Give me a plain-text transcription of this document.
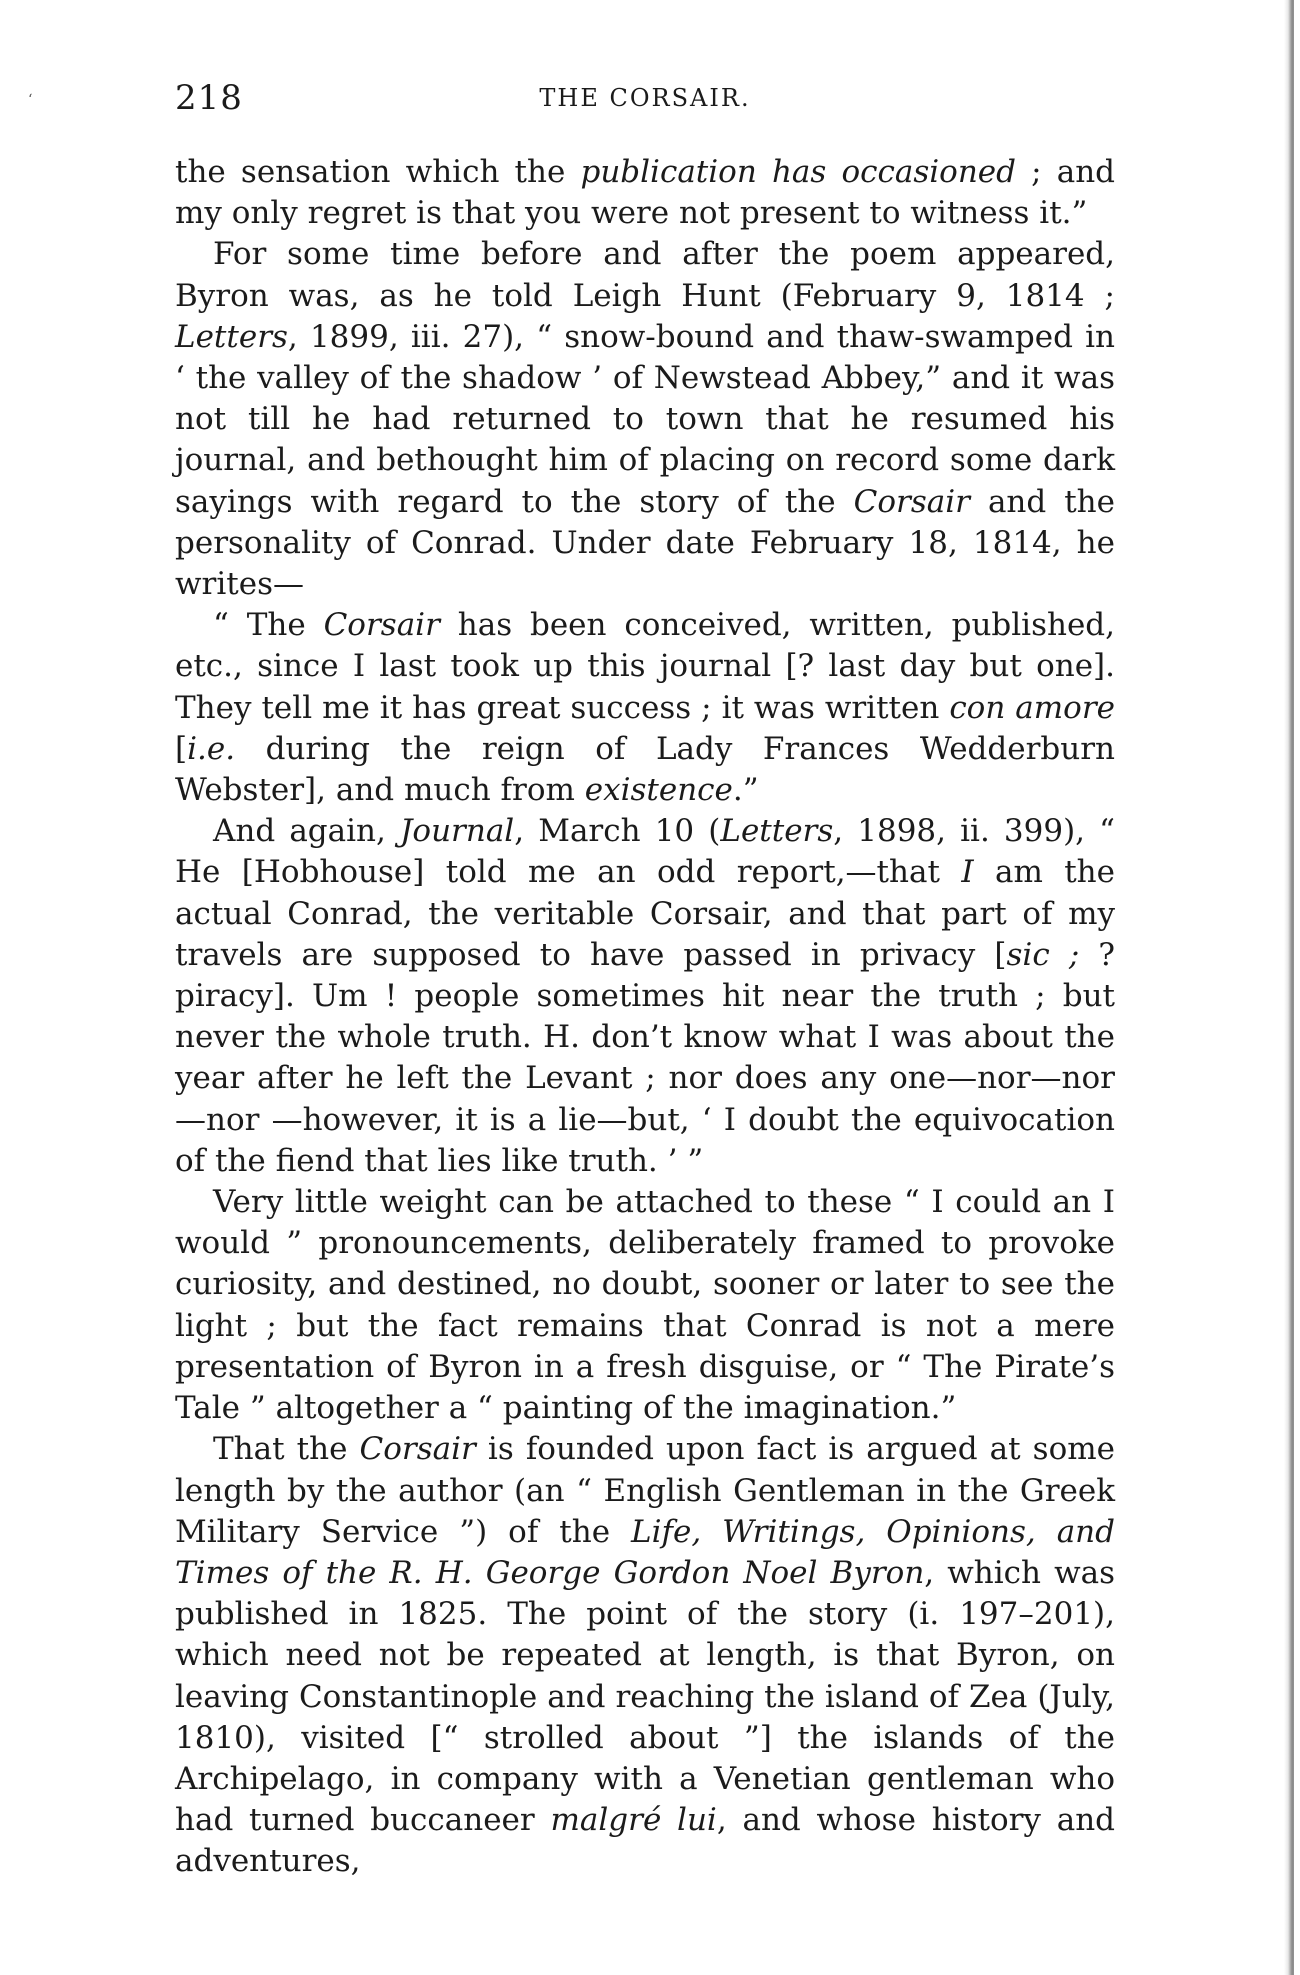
‘	218	THE CORSAIR.

the sensation which the publication has occasioned ; and my only regret is that you were not present to witness it.”

For some time before and after the poem appeared, Byron was, as he told Leigh Hunt (February 9, 1814 ; Letters, 1899, iii. 27), “ snow-bound and thaw-swamped in ‘ the valley of the shadow ’ of Newstead Abbey,” and it was not till he had returned to town that he resumed his journal, and bethought him of placing on record some dark sayings with regard to the story of the Corsair and the personality of Conrad. Under date February 18, 1814, he writes—

“ The Corsair has been conceived, written, published, etc., since I last took up this journal [? last day but one]. They tell me it has great success ; it was written con amore [i.e. during the reign of Lady Frances Wedderburn Webster], and much from existence.”

And again, Journal, March 10 (Letters, 1898, ii. 399), “ He [Hobhouse] told me an odd report,—that I am the actual Conrad, the veritable Corsair, and that part of my travels are supposed to have passed in privacy [sic ; ? piracy]. Um ! people sometimes hit near the truth ; but never the whole truth. H. don’t know what I was about the year after he left the Levant ; nor does any one—nor—nor—nor —however, it is a lie—but, ‘ I doubt the equivocation of the fiend that lies like truth. ’ ”

Very little weight can be attached to these “ I could an I would ” pronouncements, deliberately framed to provoke curiosity, and destined, no doubt, sooner or later to see the light ; but the fact remains that Conrad is not a mere presentation of Byron in a fresh disguise, or “ The Pirate’s Tale ” altogether a “ painting of the imagination.”

That the Corsair is founded upon fact is argued at some length by the author (an “ English Gentleman in the Greek Military Service ”) of the Life, Writings, Opinions, and Times of the R. H. George Gordon Noel Byron, which was published in 1825. The point of the story (i. 197–201), which need not be repeated at length, is that Byron, on leaving Constantinople and reaching the island of Zea (July, 1810), visited [“ strolled about ”] the islands of the Archipelago, in company with a Venetian gentleman who had turned buccaneer malgré lui, and whose history and adventures,
